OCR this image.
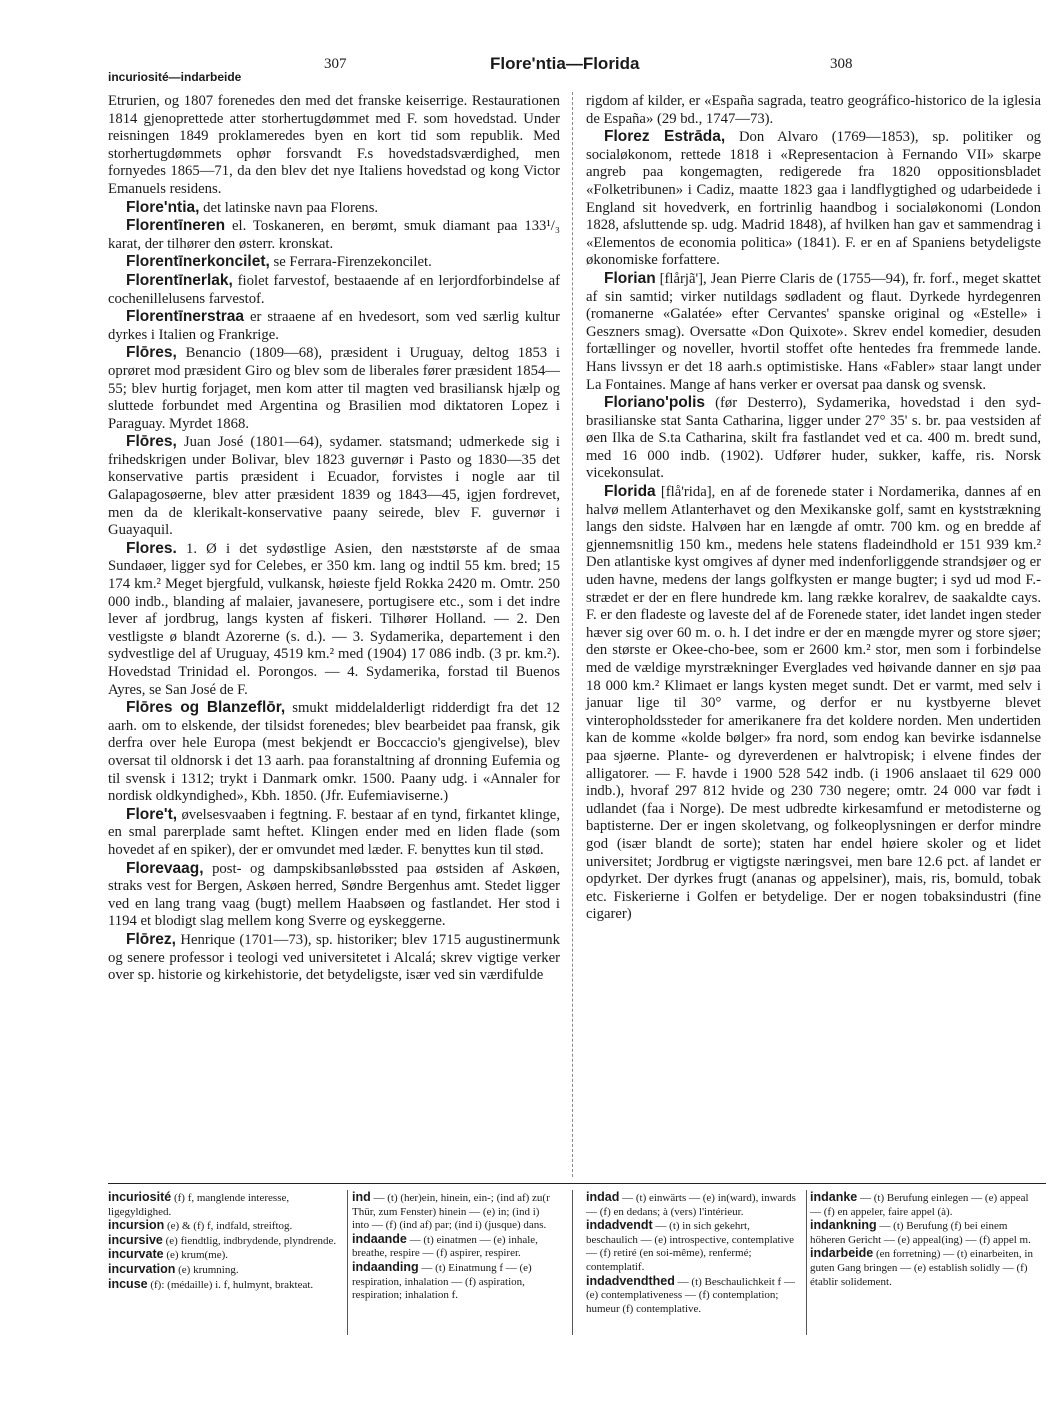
incuriosité—indarbeide
307	Flore'ntia—Florida	308

Etrurien, og 1807 forenedes den med det franske keiserrige. Restaurationen 1814 gjenoprettede atter storhertugdømmet med F. som hovedstad. Under reisningen 1849 proklameredes byen en kort tid som republik. Med storhertugdømmets ophør forsvandt F.s hovedstadsværdighed, men fornyedes 1865—71, da den blev det nye Italiens hovedstad og kong Victor Emanuels residens.

Flore'ntia, det latinske navn paa Florens.

Florentīneren el. Toskaneren, en berømt, smuk diamant paa 133¹/₃ karat, der tilhører den østerr. kronskat.

Florentīnerkoncilet, se Ferrara-Firenzekoncilet.

Florentīnerlak, fiolet farvestof, bestaaende af en lerjordforbindelse af cochenillelusens farvestof.

Florentīnerstraa er straaene af en hvedesort, som ved særlig kultur dyrkes i Italien og Frankrige.

Flōres, Benancio (1809—68), præsident i Uruguay, deltog 1853 i oprøret mod præsident Giro og blev som de liberales fører præsident 1854—55; blev hurtig forjaget, men kom atter til magten ved brasiliansk hjælp og sluttede forbundet med Argentina og Brasilien mod diktatoren Lopez i Paraguay. Myrdet 1868.

Flōres, Juan José (1801—64), sydamer. statsmand; udmerkede sig i frihedskrigen under Bolivar, blev 1823 guvernør i Pasto og 1830—35 det konservative partis præsident i Ecuador, forvistes i nogle aar til Galapagosøerne, blev atter præsident 1839 og 1843—45, igjen fordrevet, men da de klerikalt-konservative paany seirede, blev F. guvernør i Guayaquil.

Flores. 1. Ø i det sydøstlige Asien, den næststørste af de smaa Sundaøer, ligger syd for Celebes, er 350 km. lang og indtil 55 km. bred; 15 174 km.² Meget bjergfuld, vulkansk, høieste fjeld Rokka 2420 m. Omtr. 250 000 indb., blanding af malaier, javanesere, portugisere etc., som i det indre lever af jordbrug, langs kysten af fiskeri. Tilhører Holland. — 2. Den vestligste ø blandt Azorerne (s. d.). — 3. Sydamerika, departement i den sydvestlige del af Uruguay, 4519 km.² med (1904) 17 086 indb. (3 pr. km.²). Hovedstad Trinidad el. Porongos. — 4. Sydamerika, forstad til Buenos Ayres, se San José de F.

Flōres og Blanzeflōr, smukt middelalderligt ridderdigt fra det 12 aarh. om to elskende, der tilsidst forenedes; blev bearbeidet paa fransk, gik derfra over hele Europa (mest bekjendt er Boccaccio's gjengivelse), blev oversat til oldnorsk i det 13 aarh. paa foranstaltning af dronning Eufemia og til svensk i 1312; trykt i Danmark omkr. 1500. Paany udg. i «Annaler for nordisk oldkyndighed», Kbh. 1850. (Jfr. Eufemiaviserne.)

Flore't, øvelsesvaaben i fegtning. F. bestaar af en tynd, firkantet klinge, en smal parerplade samt heftet. Klingen ender med en liden flade (som hovedet af en spiker), der er omvundet med læder. F. benyttes kun til stød.

Florevaag, post- og dampskibsanløbssted paa østsiden af Askøen, straks vest for Bergen, Askøen herred, Søndre Bergenhus amt. Stedet ligger ved en lang trang vaag (bugt) mellem Haabsøen og fastlandet. Her stod i 1194 et blodigt slag mellem kong Sverre og eyskeggerne.

Flōrez, Henrique (1701—73), sp. historiker; blev 1715 augustinermunk og senere professor i teologi ved universitetet i Alcalá; skrev vigtige verker over sp. historie og kirkehistorie, det betydeligste, især ved sin værdifulde

rigdom af kilder, er «España sagrada, teatro geográfico-historico de la iglesia de España» (29 bd., 1747—73).

Florez Estrāda, Don Alvaro (1769—1853), sp. politiker og socialøkonom, rettede 1818 i «Representacion à Fernando VII» skarpe angreb paa kongemagten, redigerede fra 1820 oppositionsbladet «Folketribunen» i Cadiz, maatte 1823 gaa i landflygtighed og udarbeidede i England sit hovedverk, en fortrinlig haandbog i socialøkonomi (London 1828, afsluttende sp. udg. Madrid 1848), af hvilken han gav et sammendrag i «Elementos de economia politica» (1841). F. er en af Spaniens betydeligste økonomiske forfattere.

Florian [flårjã'], Jean Pierre Claris de (1755—94), fr. forf., meget skattet af sin samtid; virker nutildags sødladent og flaut. Dyrkede hyrdegenren (romanerne «Galatée» efter Cervantes' spanske original og «Estelle» i Geszners smag). Oversatte «Don Quixote». Skrev endel komedier, desuden fortællinger og noveller, hvortil stoffet ofte hentedes fra fremmede lande. Hans livssyn er det 18 aarh.s optimistiske. Hans «Fabler» staar langt under La Fontaines. Mange af hans verker er oversat paa dansk og svensk.

Floriano'polis (før Desterro), Sydamerika, hovedstad i den syd-brasilianske stat Santa Catharina, ligger under 27° 35' s. br. paa vestsiden af øen Ilka de S.ta Catharina, skilt fra fastlandet ved et ca. 400 m. bredt sund, med 16 000 indb. (1902). Udfører huder, sukker, kaffe, ris. Norsk vicekonsulat.

Florida [flå'rida], en af de forenede stater i Nordamerika, dannes af en halvø mellem Atlanterhavet og den Mexikanske golf, samt en kyststrækning langs den sidste. Halvøen har en længde af omtr. 700 km. og en bredde af gjennemsnitlig 150 km., medens hele statens fladeindhold er 151 939 km.² Den atlantiske kyst omgives af dyner med indenforliggende strandsjøer og er uden havne, medens der langs golfkysten er mange bugter; i syd ud mod F.-strædet er der en flere hundrede km. lang række koralrev, de saakaldte cays. F. er den fladeste og laveste del af de Forenede stater, idet landet ingen steder hæver sig over 60 m. o. h. I det indre er der en mængde myrer og store sjøer; den største er Okee-cho-bee, som er 2600 km.² stor, men som i forbindelse med de vældige myrstrækninger Everglades ved høivande danner en sjø paa 18 000 km.² Klimaet er langs kysten meget sundt. Det er varmt, med selv i januar lige til 30° varme, og derfor er nu kystbyerne blevet vinteropholdssteder for amerikanere fra det koldere norden. Men undertiden kan de komme «kolde bølger» fra nord, som endog kan bevirke isdannelse paa sjøerne. Plante- og dyreverdenen er halvtropisk; i elvene findes der alligatorer. — F. havde i 1900 528 542 indb. (i 1906 anslaaet til 629 000 indb.), hvoraf 297 812 hvide og 230 730 negere; omtr. 24 000 var født i udlandet (faa i Norge). De mest udbredte kirkesamfund er metodisterne og baptisterne. Der er ingen skoletvang, og folkeoplysningen er derfor mindre god (især blandt de sorte); staten har endel høiere skoler og et lidet universitet; Jordbrug er vigtigste næringsvei, men bare 12.6 pct. af landet er opdyrket. Der dyrkes frugt (ananas og appelsiner), mais, ris, bomuld, tobak etc. Fiskerierne i Golfen er betydelige. Der er nogen tobaksindustri (fine cigarer)

incuriosité (f) f, manglende interesse, ligegyldighed.

incursion (e) & (f) f, indfald, streiftog.

incursive (e) fiendtlig, indbrydende, plyndrende.

incurvate (e) krum(me).

incurvation (e) krumning.

incuse (f): (médaille) i. f, hulmynt, brakteat.

ind — (t) (her)ein, hinein, ein-; (ind af) zu(r Thür, zum Fenster) hinein — (e) in; (ind i) into — (f) (ind af) par; (ind i) (jusque) dans.

indaande — (t) einatmen — (e) inhale, breathe, respire — (f) aspirer, respirer.

indaanding — (t) Einatmung f — (e) respiration, inhalation — (f) aspiration, respiration; inhalation f.

indad — (t) einwärts — (e) in(ward), inwards — (f) en dedans; à (vers) l'intérieur.

indadvendt — (t) in sich gekehrt, beschaulich — (e) introspective, contemplative — (f) retiré (en soi-même), renfermé; contemplatif.

indadvendthed — (t) Beschaulichkeit f — (e) contemplativeness — (f) contemplation; humeur (f) contemplative.

indanke — (t) Berufung einlegen — (e) appeal — (f) en appeler, faire appel (à).

indankning — (t) Berufung (f) bei einem höheren Gericht — (e) appeal(ing) — (f) appel m.

indarbeide (en forretning) — (t) einarbeiten, in guten Gang bringen — (e) establish solidly — (f) établir solidement.
